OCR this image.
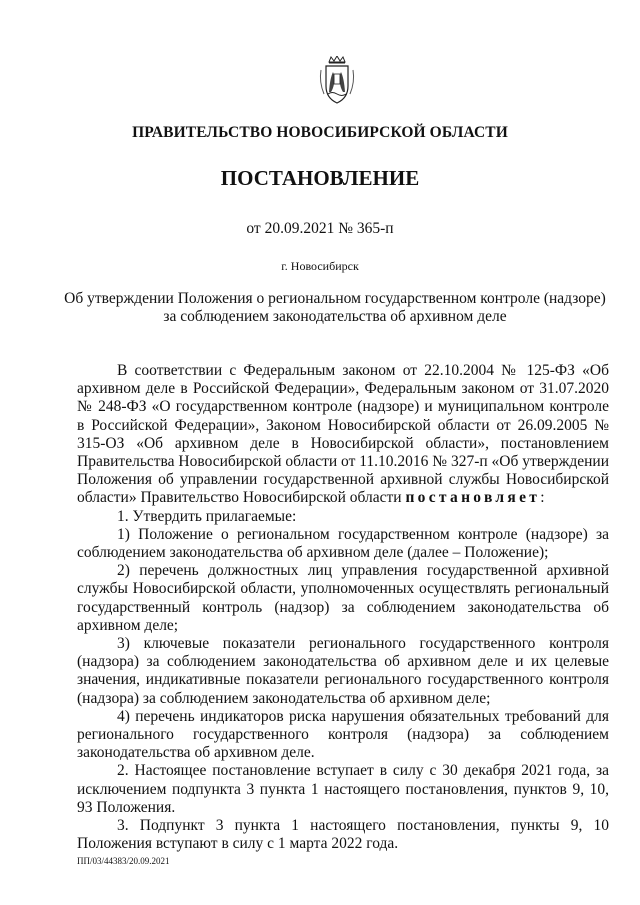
ПРАВИТЕЛЬСТВО НОВОСИБИРСКОЙ ОБЛАСТИ
ПОСТАНОВЛЕНИЕ
от 20.09.2021 № 365-п
г. Новосибирск
Об утверждении Положения о региональном государственном контроле (надзоре)
за соблюдением законодательства об архивном деле

В соответствии с Федеральным законом от 22.10.2004 № 125-ФЗ «Об архивном деле в Российской Федерации», Федеральным законом от 31.07.2020 № 248-ФЗ «О государственном контроле (надзоре) и муниципальном контроле в Российской Федерации», Законом Новосибирской области от 26.09.2005 № 315-ОЗ «Об архивном деле в Новосибирской области», постановлением Правительства Новосибирской области от 11.10.2016 № 327-п «Об утверждении Положения об управлении государственной архивной службы Новосибирской области» Правительство Новосибирской области постановляет:

1. Утвердить прилагаемые:

1) Положение о региональном государственном контроле (надзоре) за соблюдением законодательства об архивном деле (далее – Положение);

2) перечень должностных лиц управления государственной архивной службы Новосибирской области, уполномоченных осуществлять региональный государственный контроль (надзор) за соблюдением законодательства об архивном деле;

3) ключевые показатели регионального государственного контроля (надзора) за соблюдением законодательства об архивном деле и их целевые значения, индикативные показатели регионального государственного контроля (надзора) за соблюдением законодательства об архивном деле;

4) перечень индикаторов риска нарушения обязательных требований для регионального государственного контроля (надзора) за соблюдением законодательства об архивном деле.

2. Настоящее постановление вступает в силу с 30 декабря 2021 года, за исключением подпункта 3 пункта 1 настоящего постановления, пунктов 9, 10, 93 Положения.

3. Подпункт 3 пункта 1 настоящего постановления, пункты 9, 10 Положения вступают в силу с 1 марта 2022 года.

ПП/03/44383/20.09.2021
